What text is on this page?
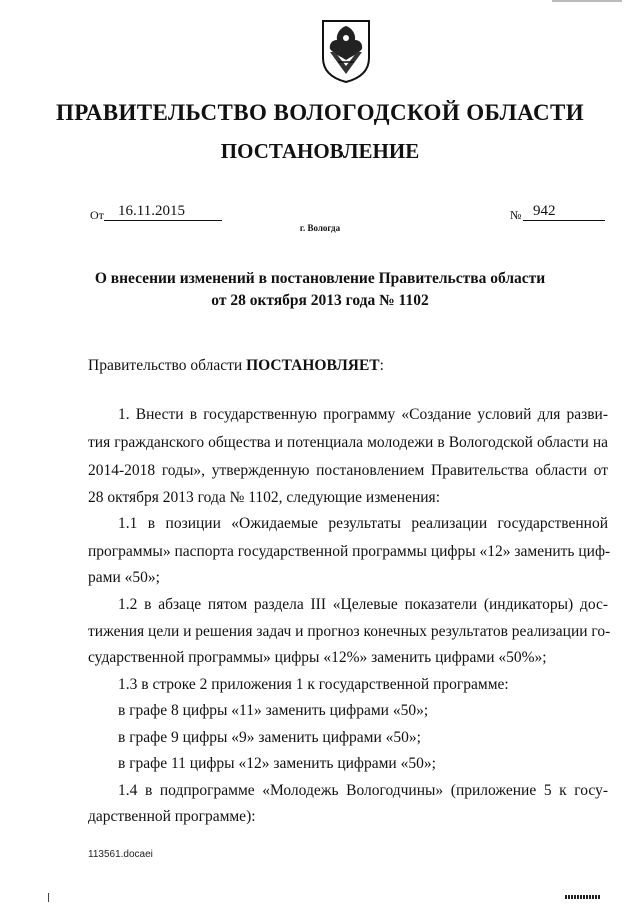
ПРАВИТЕЛЬСТВО ВОЛОГОДСКОЙ ОБЛАСТИ
ПОСТАНОВЛЕНИЕ
От 16.11.2015
г. Вологда
№ 942
О внесении изменений в постановление Правительства области
от 28 октября 2013 года № 1102
Правительство области ПОСТАНОВЛЯЕТ:
1. Внести в государственную программу «Создание условий для разви-
тия гражданского общества и потенциала молодежи в Вологодской области на
2014-2018 годы», утвержденную постановлением Правительства области от
28 октября 2013 года № 1102, следующие изменения:
1.1 в позиции «Ожидаемые результаты реализации государственной
программы» паспорта государственной программы цифры «12» заменить циф-
рами «50»;
1.2 в абзаце пятом раздела III «Целевые показатели (индикаторы) дос-
тижения цели и решения задач и прогноз конечных результатов реализации го-
сударственной программы» цифры «12%» заменить цифрами «50%»;
1.3 в строке 2 приложения 1 к государственной программе:
в графе 8 цифры «11» заменить цифрами «50»;
в графе 9 цифры «9» заменить цифрами «50»;
в графе 11 цифры «12» заменить цифрами «50»;
1.4 в подпрограмме «Молодежь Вологодчины» (приложение 5 к госу-
дарственной программе):
113561.docaei
